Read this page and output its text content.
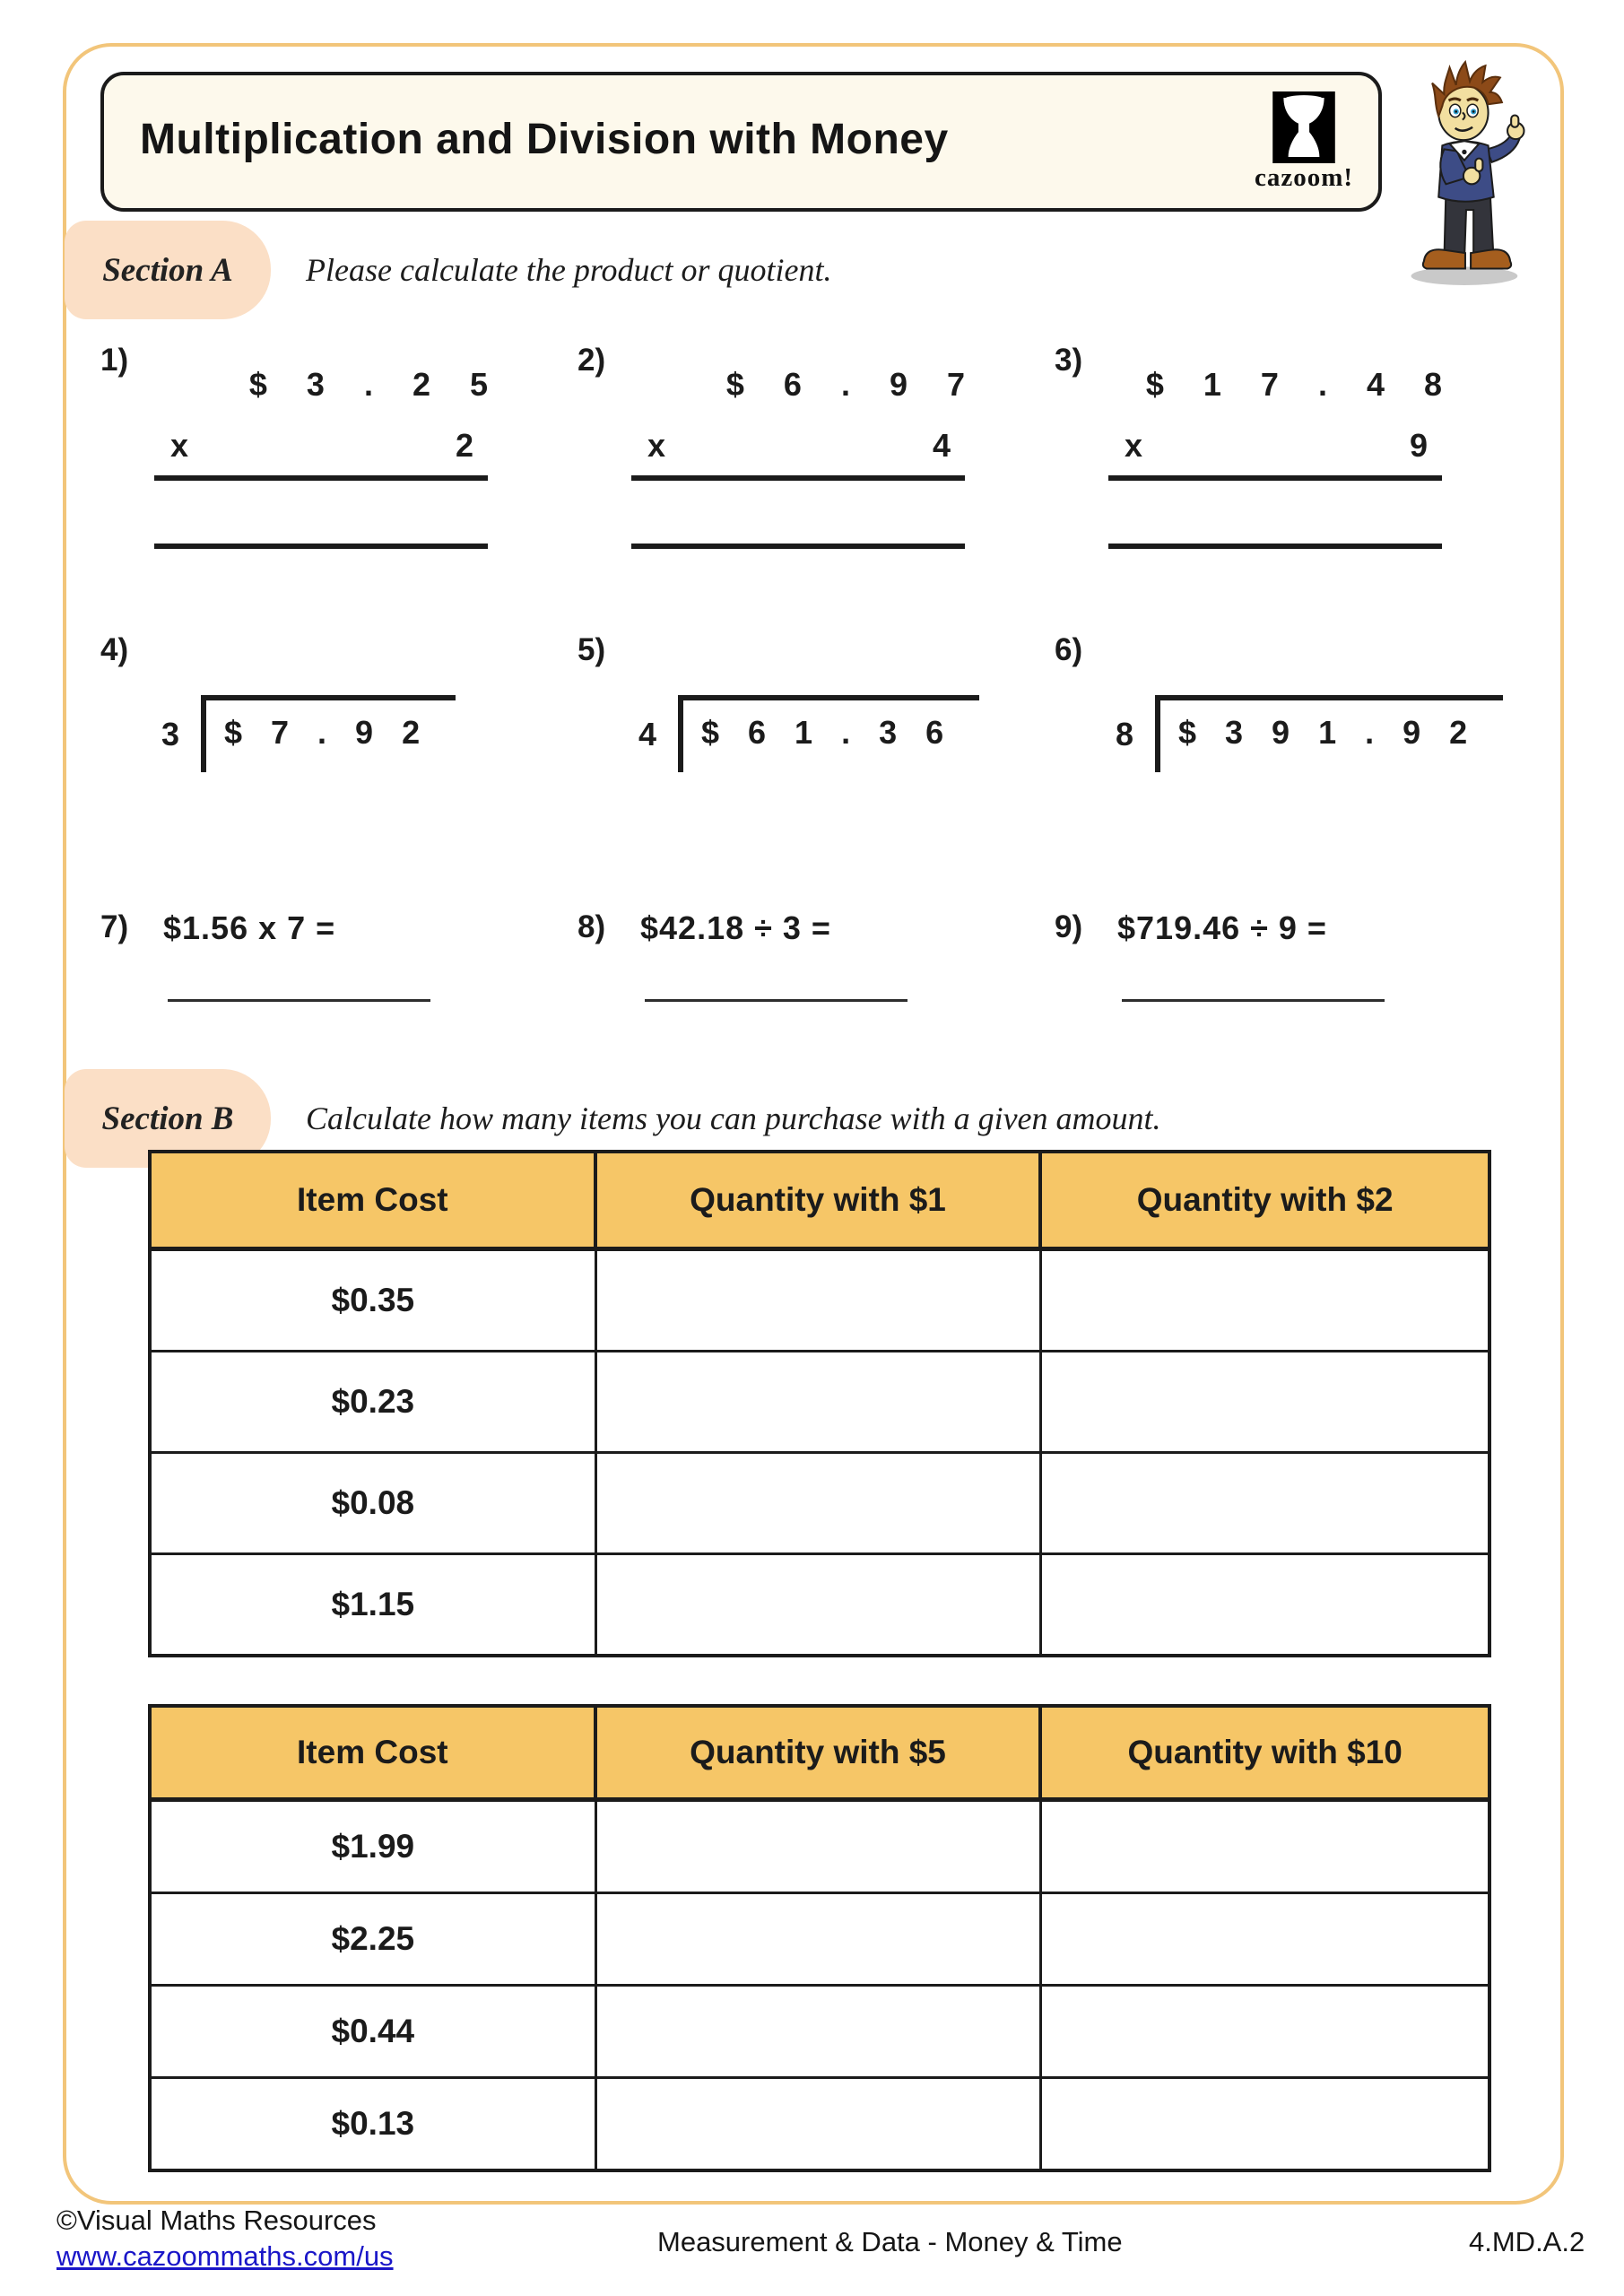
Multiplication and Division with Money
cazoom!
Section A Please calculate the product or quotient.
1)
$ 3 . 2 5
x	2
2)
$ 6 . 9 7
x	4
3)
$ 1 7 . 4 8
x	9
4)
3	$ 7 . 9 2
5)
4	$ 6 1 . 3 6
6)
8	$ 3 9 1 . 9 2
7) $1.56 x 7 =	8) $42.18 ÷ 3 =	9) $719.46 ÷ 9 =
Section B Calculate how many items you can purchase with a given amount.
Item Cost	Quantity with $1	Quantity with $2
$0.35
$0.23
$0.08
$1.15
Item Cost	Quantity with $5	Quantity with $10
$1.99
$2.25
$0.44
$0.13
©Visual Maths Resources
www.cazoommaths.com/us	Measurement & Data - Money & Time	4.MD.A.2
